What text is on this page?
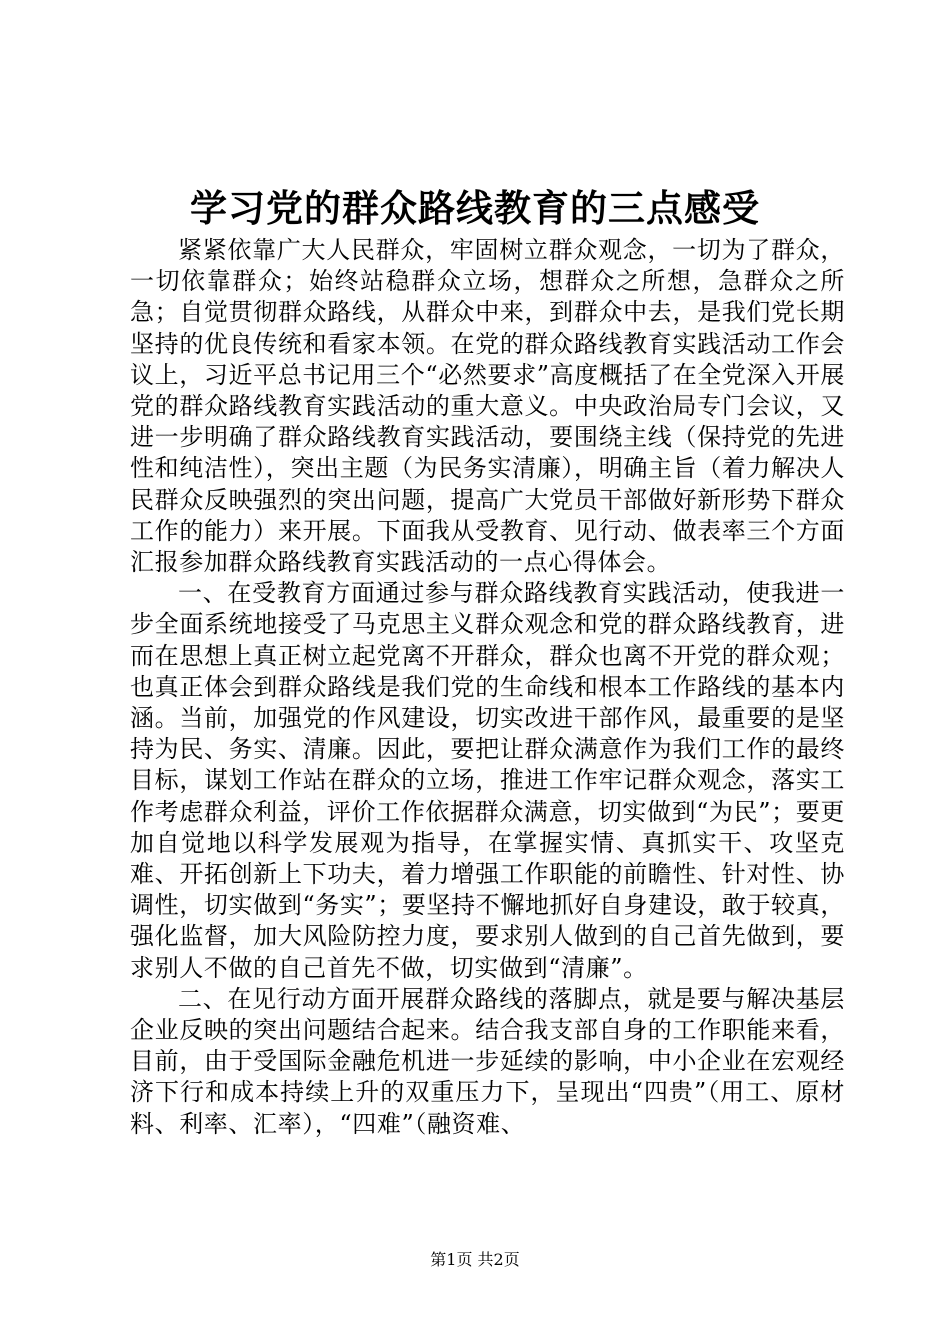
学习党的群众路线教育的三点感受

紧紧依靠广大人民群众，牢固树立群众观念，一切为了群众，一切依靠群众；始终站稳群众立场，想群众之所想，急群众之所急；自觉贯彻群众路线，从群众中来，到群众中去，是我们党长期坚持的优良传统和看家本领。在党的群众路线教育实践活动工作会议上，习近平总书记用三个“必然要求”高度概括了在全党深入开展党的群众路线教育实践活动的重大意义。中央政治局专门会议，又进一步明确了群众路线教育实践活动，要围绕主线（保持党的先进性和纯洁性），突出主题（为民务实清廉），明确主旨（着力解决人民群众反映强烈的突出问题，提高广大党员干部做好新形势下群众工作的能力）来开展。下面我从受教育、见行动、做表率三个方面汇报参加群众路线教育实践活动的一点心得体会。

一、在受教育方面通过参与群众路线教育实践活动，使我进一步全面系统地接受了马克思主义群众观念和党的群众路线教育，进而在思想上真正树立起党离不开群众，群众也离不开党的群众观；也真正体会到群众路线是我们党的生命线和根本工作路线的基本内涵。当前，加强党的作风建设，切实改进干部作风，最重要的是坚持为民、务实、清廉。因此，要把让群众满意作为我们工作的最终目标，谋划工作站在群众的立场，推进工作牢记群众观念，落实工作考虑群众利益，评价工作依据群众满意，切实做到“为民”；要更加自觉地以科学发展观为指导，在掌握实情、真抓实干、攻坚克难、开拓创新上下功夫，着力增强工作职能的前瞻性、针对性、协调性，切实做到“务实”；要坚持不懈地抓好自身建设，敢于较真，强化监督，加大风险防控力度，要求别人做到的自己首先做到，要求别人不做的自己首先不做，切实做到“清廉”。

二、在见行动方面开展群众路线的落脚点，就是要与解决基层企业反映的突出问题结合起来。结合我支部自身的工作职能来看，目前，由于受国际金融危机进一步延续的影响，中小企业在宏观经济下行和成本持续上升的双重压力下，呈现出“四贵”（用工、原材料、利率、汇率），“四难”（融资难、

第1页 共2页
